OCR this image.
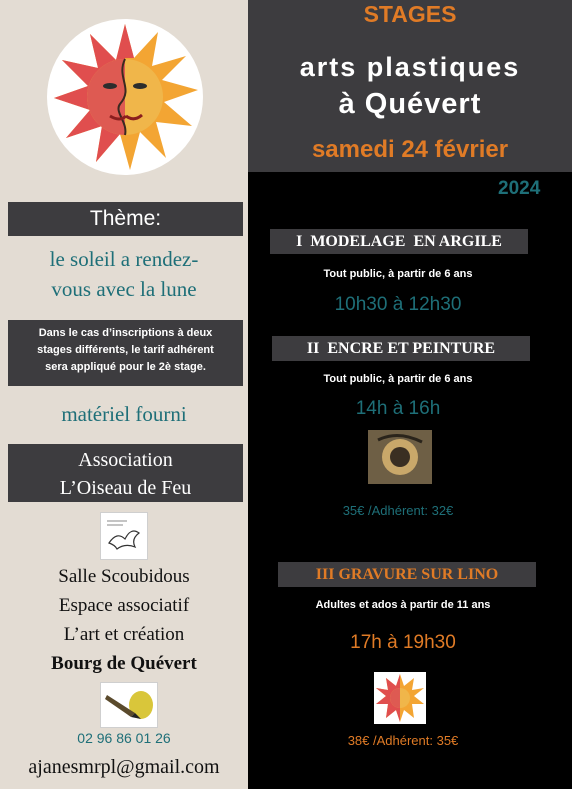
Thème:
le soleil a rendez-
vous avec la lune
Dans le cas d’inscriptions à deux
stages différents, le tarif adhérent
sera appliqué pour le 2è stage.
matériel fourni
Association
L’Oiseau de Feu
Salle Scoubidous
Espace associatif
L’art et création
Bourg de Quévert
02 96 86 01 26
ajanesmrpl@gmail.com
STAGES
arts plastiques
à Quévert
samedi 24 février
2024
I  MODELAGE  EN ARGILE
Tout public, à partir de 6 ans
10h30 à 12h30
II  ENCRE ET PEINTURE
Tout public, à partir de 6 ans
14h à 16h
35€ /Adhérent: 32€
III GRAVURE SUR LINO
Adultes et ados à partir de 11 ans
17h à 19h30
38€ /Adhérent: 35€
